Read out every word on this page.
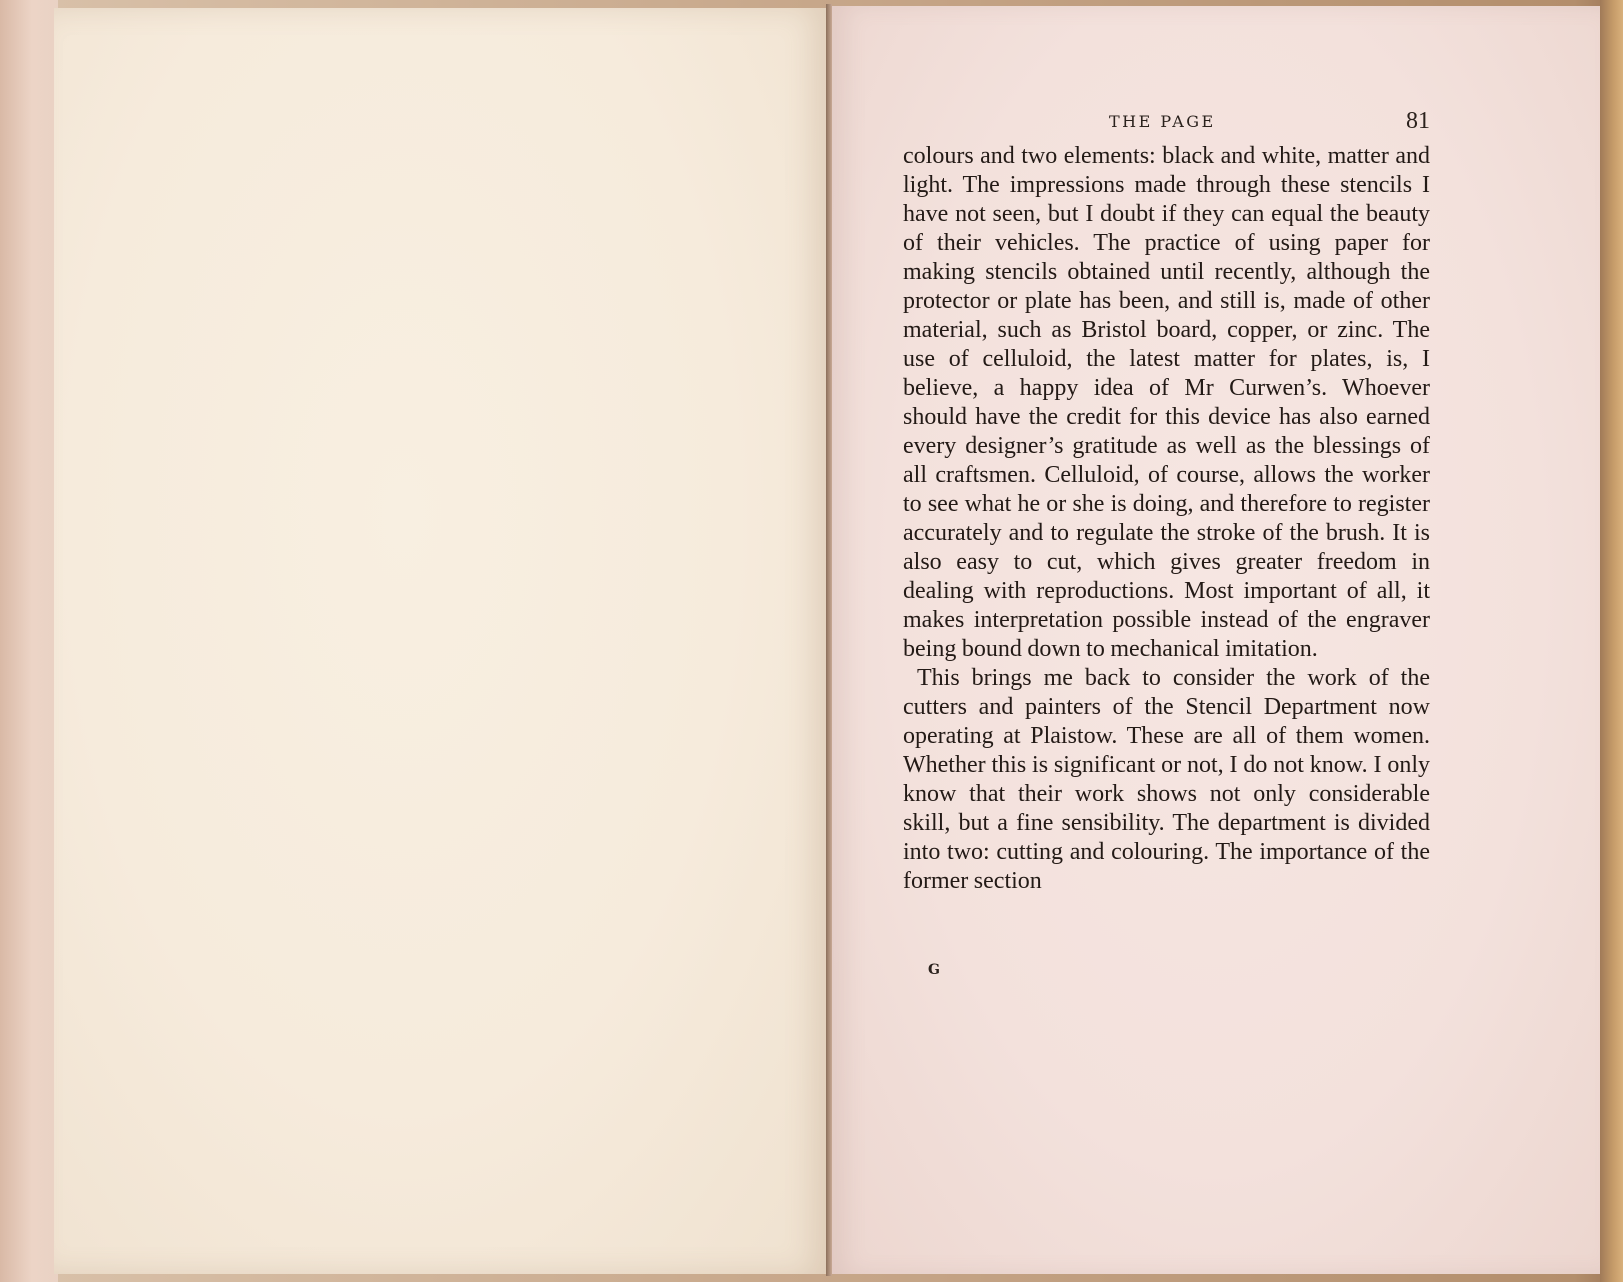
THE PAGE	81

colours and two elements: black and white, matter and light. The impressions made through these stencils I have not seen, but I doubt if they can equal the beauty of their vehicles. The practice of using paper for making stencils obtained until recently, although the protector or plate has been, and still is, made of other material, such as Bristol board, copper, or zinc. The use of celluloid, the latest matter for plates, is, I believe, a happy idea of Mr Curwen’s. Whoever should have the credit for this device has also earned every designer’s gratitude as well as the blessings of all craftsmen. Celluloid, of course, allows the worker to see what he or she is doing, and therefore to register accurately and to regulate the stroke of the brush. It is also easy to cut, which gives greater freedom in dealing with reproductions. Most important of all, it makes interpretation possible instead of the engraver being bound down to mechanical imitation.

This brings me back to consider the work of the cutters and painters of the Stencil Department now operating at Plaistow. These are all of them women. Whether this is significant or not, I do not know. I only know that their work shows not only considerable skill, but a fine sensibility. The department is divided into two: cutting and colouring. The importance of the former section

G
